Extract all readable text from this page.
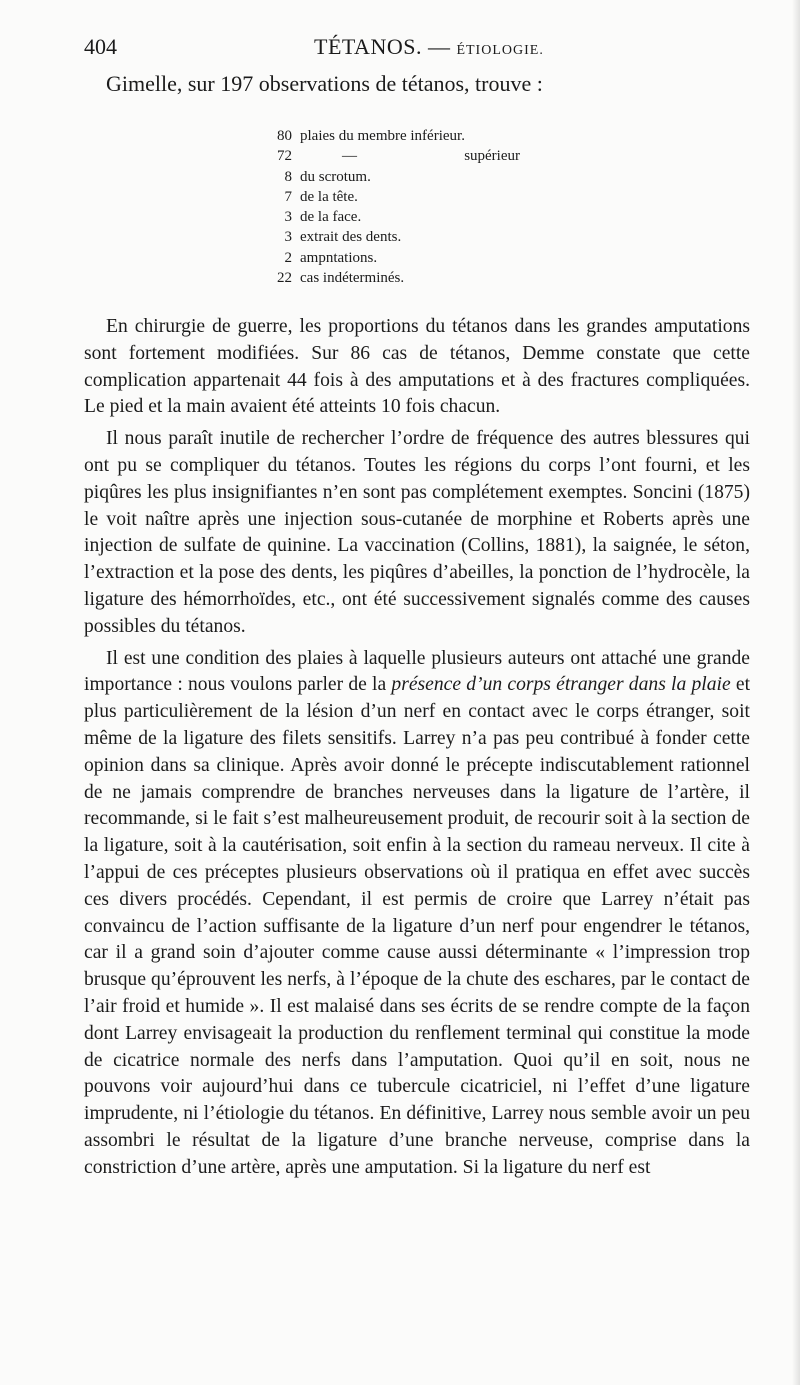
404	TÉTANOS. — ÉTIOLOGIE.
Gimelle, sur 197 observations de tétanos, trouve :
80 plaies du membre inférieur.
72	—	supérieur
8 du scrotum.
7 de la tête.
3 de la face.
3 extrait des dents.
2 ampntations.
22 cas indéterminés.

En chirurgie de guerre, les proportions du tétanos dans les grandes amputations sont fortement modifiées. Sur 86 cas de tétanos, Demme constate que cette complication appartenait 44 fois à des amputations et à des fractures compliquées. Le pied et la main avaient été atteints 10 fois chacun.

Il nous paraît inutile de rechercher l’ordre de fréquence des autres blessures qui ont pu se compliquer du tétanos. Toutes les régions du corps l’ont fourni, et les piqûres les plus insignifiantes n’en sont pas complétement exemptes. Soncini (1875) le voit naître après une injection sous-cutanée de morphine et Roberts après une injection de sulfate de quinine. La vaccination (Collins, 1881), la saignée, le séton, l’extraction et la pose des dents, les piqûres d’abeilles, la ponction de l’hydrocèle, la ligature des hémorrhoïdes, etc., ont été successivement signalés comme des causes possibles du tétanos.

Il est une condition des plaies à laquelle plusieurs auteurs ont attaché une grande importance : nous voulons parler de la présence d’un corps étranger dans la plaie et plus particulièrement de la lésion d’un nerf en contact avec le corps étranger, soit même de la ligature des filets sensitifs. Larrey n’a pas peu contribué à fonder cette opinion dans sa clinique. Après avoir donné le précepte indiscutablement rationnel de ne jamais comprendre de branches nerveuses dans la ligature de l’artère, il recommande, si le fait s’est malheureusement produit, de recourir soit à la section de la ligature, soit à la cautérisation, soit enfin à la section du rameau nerveux. Il cite à l’appui de ces préceptes plusieurs observations où il pratiqua en effet avec succès ces divers procédés. Cependant, il est permis de croire que Larrey n’était pas convaincu de l’action suffisante de la ligature d’un nerf pour engendrer le tétanos, car il a grand soin d’ajouter comme cause aussi déterminante « l’impression trop brusque qu’éprouvent les nerfs, à l’époque de la chute des eschares, par le contact de l’air froid et humide ». Il est malaisé dans ses écrits de se rendre compte de la façon dont Larrey envisageait la production du renflement terminal qui constitue la mode de cicatrice normale des nerfs dans l’amputation. Quoi qu’il en soit, nous ne pouvons voir aujourd’hui dans ce tubercule cicatriciel, ni l’effet d’une ligature imprudente, ni l’étiologie du tétanos. En définitive, Larrey nous semble avoir un peu assombri le résultat de la ligature d’une branche nerveuse, comprise dans la constriction d’une artère, après une amputation. Si la ligature du nerf est
